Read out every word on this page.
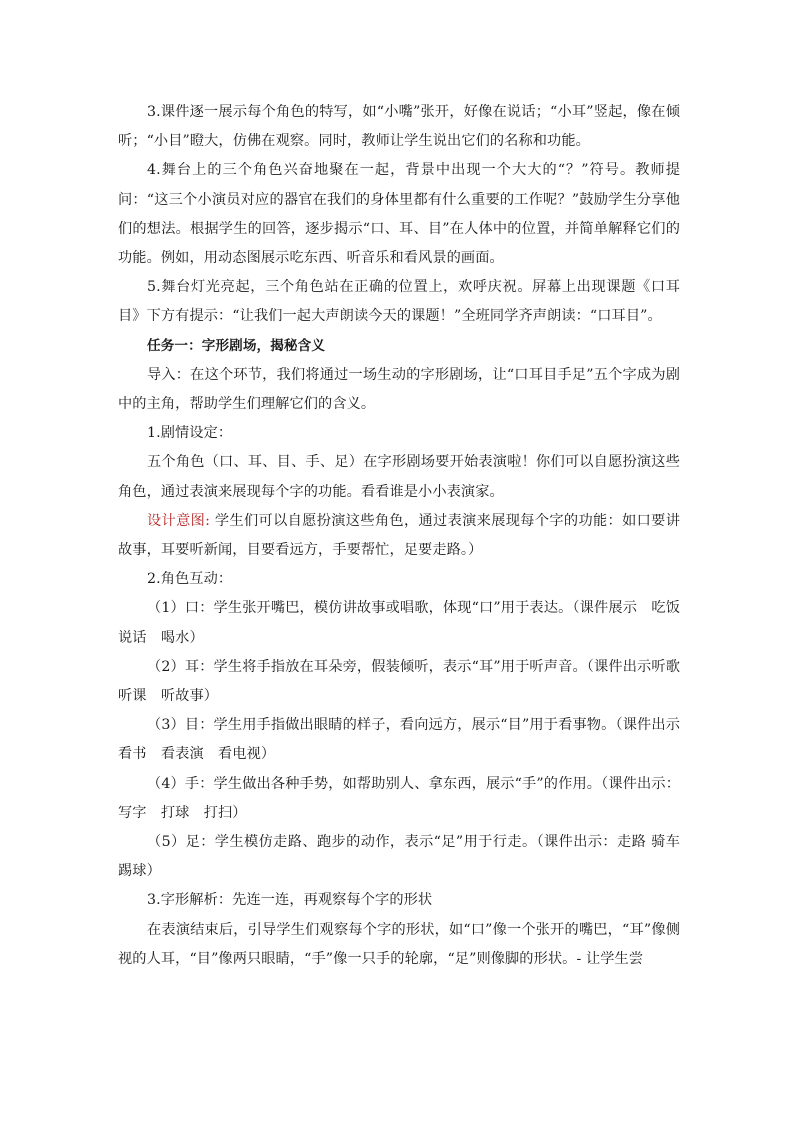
3.课件逐一展示每个角色的特写，如“小嘴”张开，好像在说话；“小耳”竖起，像在倾听；“小目”瞪大，仿佛在观察。同时，教师让学生说出它们的名称和功能。

4.舞台上的三个角色兴奋地聚在一起，背景中出现一个大大的“？”符号。教师提问：“这三个小演员对应的器官在我们的身体里都有什么重要的工作呢？”鼓励学生分享他们的想法。根据学生的回答，逐步揭示“口、耳、目”在人体中的位置，并简单解释它们的功能。例如，用动态图展示吃东西、听音乐和看风景的画面。

5.舞台灯光亮起，三个角色站在正确的位置上，欢呼庆祝。屏幕上出现课题《口耳目》下方有提示：“让我们一起大声朗读今天的课题！”全班同学齐声朗读：“口耳目”。

任务一：字形剧场，揭秘含义

导入：在这个环节，我们将通过一场生动的字形剧场，让“口耳目手足”五个字成为剧中的主角，帮助学生们理解它们的含义。

1.剧情设定：

五个角色（口、耳、目、手、足）在字形剧场要开始表演啦！你们可以自愿扮演这些角色，通过表演来展现每个字的功能。看看谁是小小表演家。

设计意图: 学生们可以自愿扮演这些角色，通过表演来展现每个字的功能：如口要讲故事，耳要听新闻，目要看远方，手要帮忙，足要走路。）

2.角色互动：

（1）口：学生张开嘴巴，模仿讲故事或唱歌，体现“口”用于表达。（课件展示　吃饭　说话　喝水）

（2）耳：学生将手指放在耳朵旁，假装倾听，表示“耳”用于听声音。（课件出示听歌　听课　听故事）

（3）目：学生用手指做出眼睛的样子，看向远方，展示“目”用于看事物。（课件出示　看书　看表演　看电视）

（4）手：学生做出各种手势，如帮助别人、拿东西，展示“手”的作用。（课件出示：写字　打球　打扫）

（5）足：学生模仿走路、跑步的动作，表示“足”用于行走。（课件出示：走路 骑车 踢球）

3.字形解析：先连一连，再观察每个字的形状

在表演结束后，引导学生们观察每个字的形状，如“口”像一个张开的嘴巴，“耳”像侧视的人耳，“目”像两只眼睛，“手”像一只手的轮廓，“足”则像脚的形状。- 让学生尝
